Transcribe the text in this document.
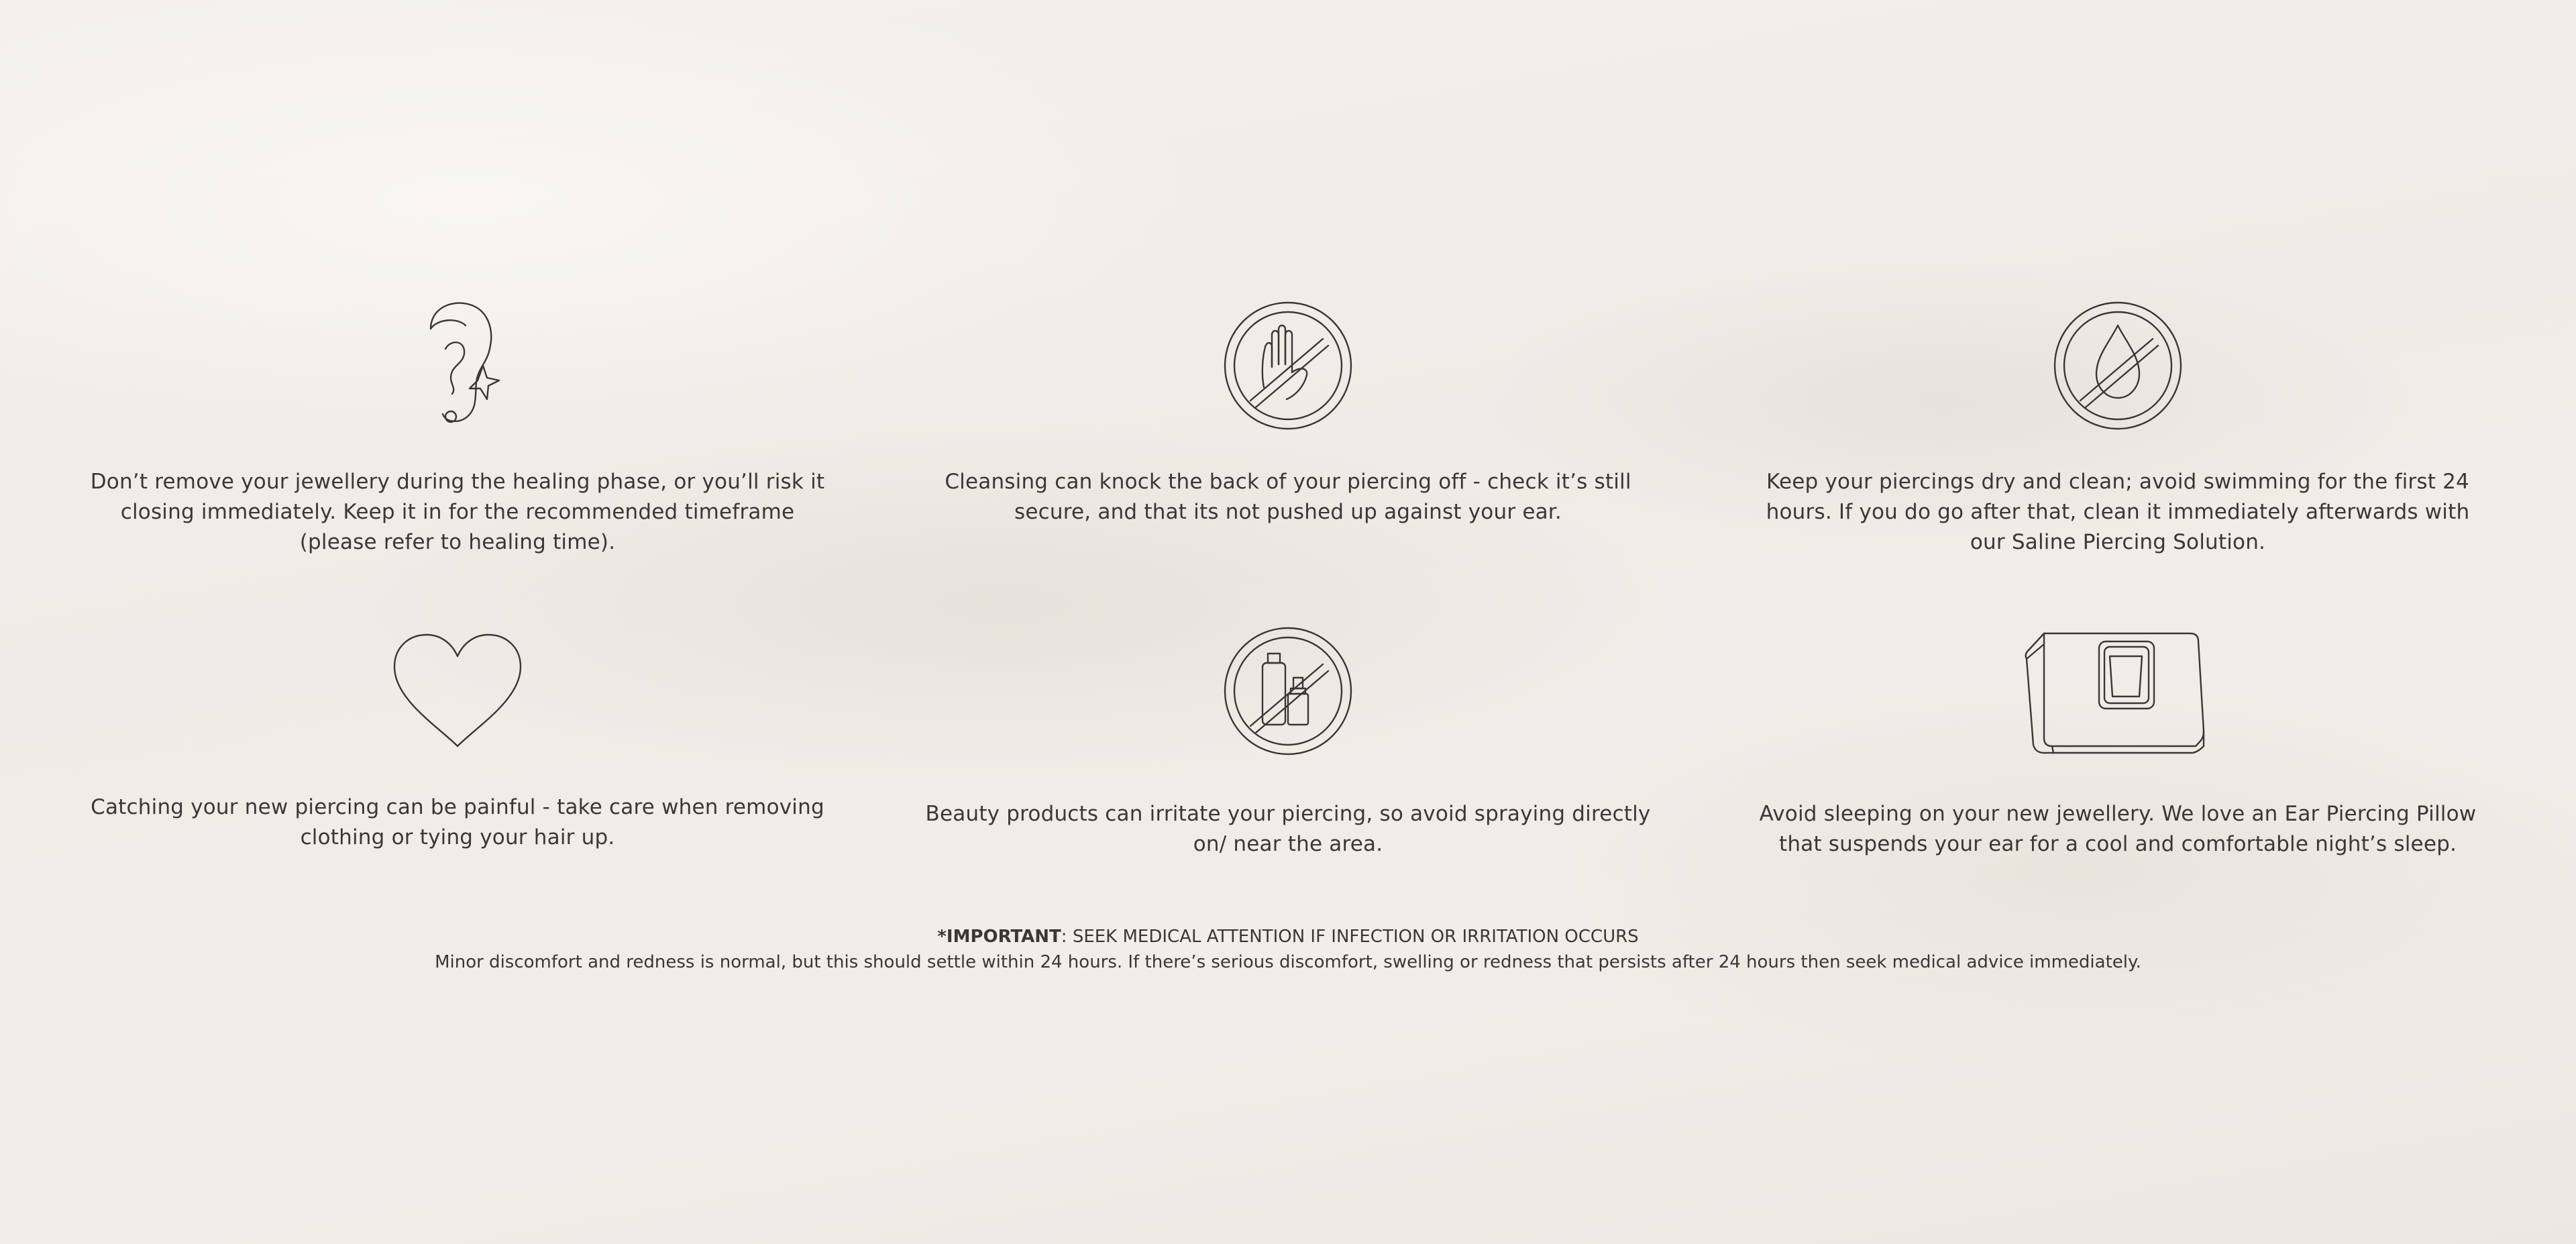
Don’t remove your jewellery during the healing phase, or you’ll risk it closing immediately. Keep it in for the recommended timeframe (please refer to healing time).
Cleansing can knock the back of your piercing off - check it’s still secure, and that its not pushed up against your ear.
Keep your piercings dry and clean; avoid swimming for the first 24 hours. If you do go after that, clean it immediately afterwards with our Saline Piercing Solution.
Catching your new piercing can be painful - take care when removing clothing or tying your hair up.
Beauty products can irritate your piercing, so avoid spraying directly on/ near the area.
Avoid sleeping on your new jewellery. We love an Ear Piercing Pillow that suspends your ear for a cool and comfortable night’s sleep.
*IMPORTANT: SEEK MEDICAL ATTENTION IF INFECTION OR IRRITATION OCCURS
Minor discomfort and redness is normal, but this should settle within 24 hours. If there’s serious discomfort, swelling or redness that persists after 24 hours then seek medical advice immediately.
